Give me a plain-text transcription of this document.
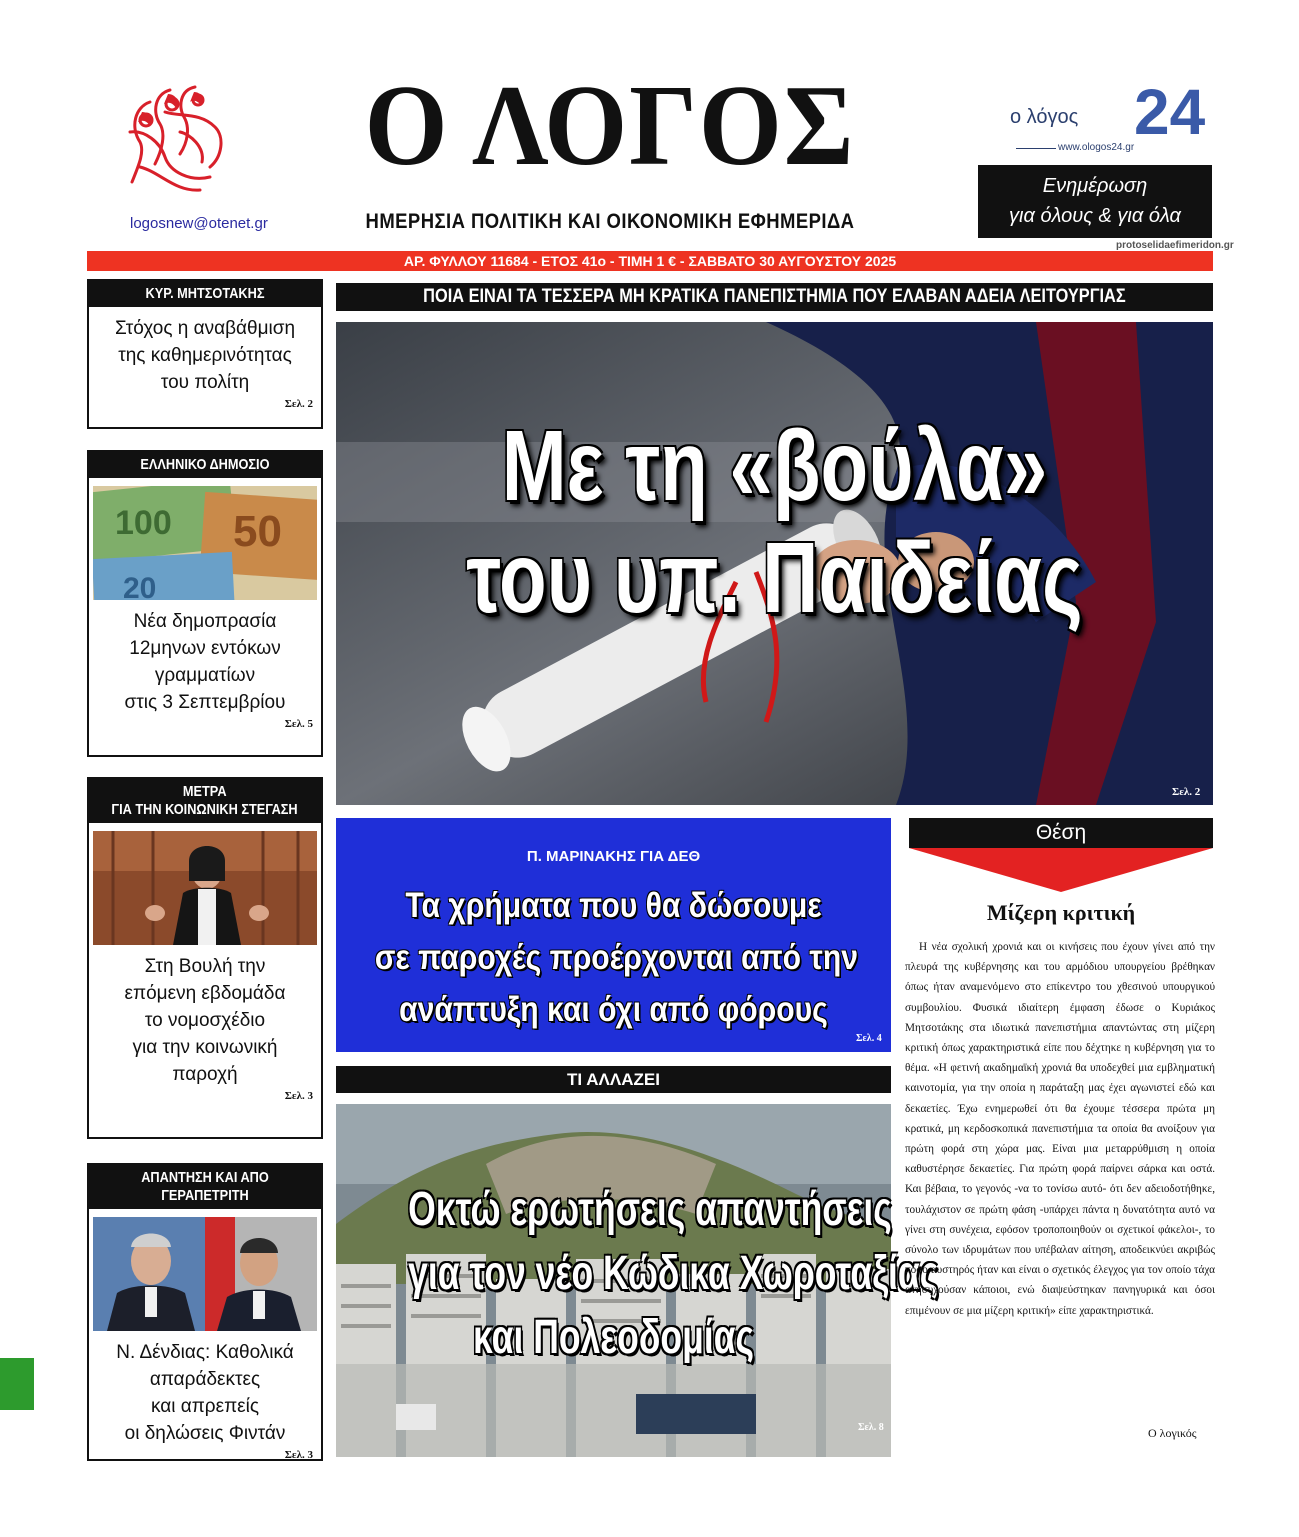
logosnew@otenet.gr
Ο ΛΟΓΟΣ
ΗΜΕΡΗΣΙΑ ΠΟΛΙΤΙΚΗ ΚΑΙ ΟΙΚΟΝΟΜΙΚΗ ΕΦΗΜΕΡΙΔΑ
ο λόγος 24
www.ologos24.gr
Ενημέρωση
για όλους & για όλα
protoselidaefimeridon.gr
ΑΡ. ΦΥΛΛΟΥ 11684 - ΕΤΟΣ 41ο - ΤΙΜΗ 1 € - ΣΑΒΒΑΤΟ 30 ΑΥΓΟΥΣΤΟΥ 2025
ΚΥΡ. ΜΗΤΣΟΤΑΚΗΣ
Στόχος η αναβάθμιση
της καθημερινότητας
του πολίτη
Σελ. 2
ΕΛΛΗΝΙΚΟ ΔΗΜΟΣΙΟ
100 50
20
Νέα δημοπρασία
12μηνων εντόκων
γραμματίων
στις 3 Σεπτεμβρίου
Σελ. 5
ΜΕΤΡΑ
ΓΙΑ ΤΗΝ ΚΟΙΝΩΝΙΚΗ ΣΤΕΓΑΣΗ
Στη Βουλή την
επόμενη εβδομάδα
το νομοσχέδιο
για την κοινωνική
παροχή
Σελ. 3
ΑΠΑΝΤΗΣΗ ΚΑΙ ΑΠΟ ΓΕΡΑΠΕΤΡΙΤΗ
Ν. Δένδιας: Καθολικά
απαράδεκτες
και απρεπείς
οι δηλώσεις Φιντάν
Σελ. 3
ΠΟΙΑ ΕΙΝΑΙ ΤΑ ΤΕΣΣΕΡΑ ΜΗ ΚΡΑΤΙΚΑ ΠΑΝΕΠΙΣΤΗΜΙΑ ΠΟΥ ΕΛΑΒΑΝ ΑΔΕΙΑ ΛΕΙΤΟΥΡΓΙΑΣ
Με τη «βούλα»
του υπ. Παιδείας
Σελ. 2
Π. ΜΑΡΙΝΑΚΗΣ ΓΙΑ ΔΕΘ
Τα χρήματα που θα δώσουμε
σε παροχές προέρχονται από την
ανάπτυξη και όχι από φόρους
Σελ. 4
ΤΙ ΑΛΛΑΖΕΙ
Οκτώ ερωτήσεις απαντήσεις
για τον νέο Κώδικα Χωροταξίας
και Πολεοδομίας
Σελ. 8
Θέση
Μίζερη κριτική
Η νέα σχολική χρονιά και οι κινήσεις που έχουν γίνει από την πλευρά της κυβέρνησης και του αρμόδιου υπουργείου βρέθηκαν όπως ήταν αναμενόμενο στο επίκεντρο του χθεσινού υπουργικού συμβουλίου. Φυσικά ιδιαίτερη έμφαση έδωσε ο Κυριάκος Μητσοτάκης στα ιδιωτικά πανεπιστήμια απαντώντας στη μίζερη κριτική όπως χαρακτηριστικά είπε που δέχτηκε η κυβέρνηση για το θέμα. «Η φετινή ακαδημαϊκή χρονιά θα υποδεχθεί μια εμβληματική καινοτομία, για την οποία η παράταξη μας έχει αγωνιστεί εδώ και δεκαετίες. Έχω ενημερωθεί ότι θα έχουμε τέσσερα πρώτα μη κρατικά, μη κερδοσκοπικά πανεπιστήμια τα οποία θα ανοίξουν για πρώτη φορά στη χώρα μας. Είναι μια μεταρρύθμιση η οποία καθυστέρησε δεκαετίες. Για πρώτη φορά παίρνει σάρκα και οστά. Και βέβαια, το γεγονός -να το τονίσω αυτό- ότι δεν αδειοδοτήθηκε, τουλάχιστον σε πρώτη φάση -υπάρχει πάντα η δυνατότητα αυτό να γίνει στη συνέχεια, εφόσον τροποποιηθούν οι σχετικοί φάκελοι-, το σύνολο των ιδρυμάτων που υπέβαλαν αίτηση, αποδεικνύει ακριβώς πόσο αυστηρός ήταν και είναι ο σχετικός έλεγχος για τον οποίο τάχα ανησυχούσαν κάποιοι, ενώ διαψεύστηκαν πανηγυρικά και όσοι επιμένουν σε μια μίζερη κριτική» είπε χαρακτηριστικά.
Ο λογικός
